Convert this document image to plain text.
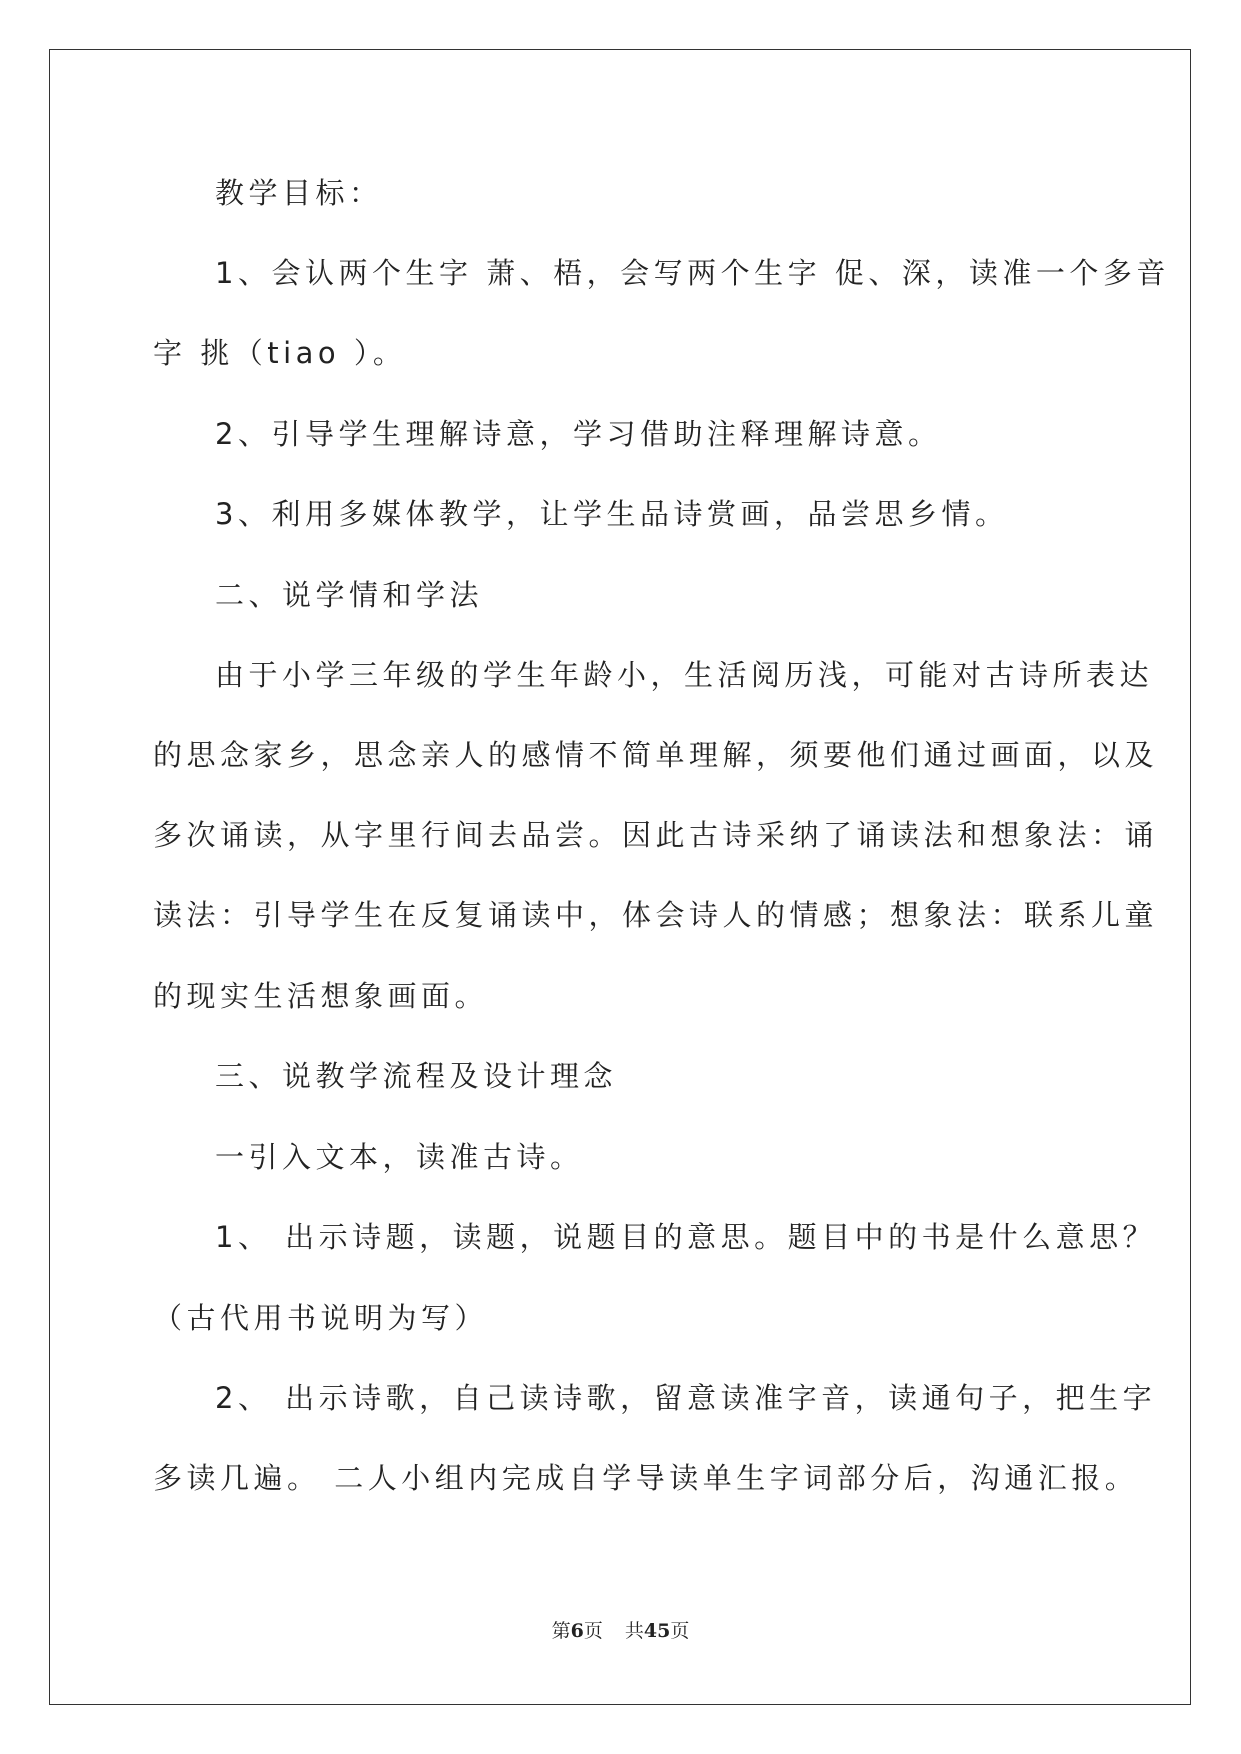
教学目标：
1、会认两个生字 萧、梧，会写两个生字 促、深，读准一个多音
字 挑（tiao ）。
2、引导学生理解诗意，学习借助注释理解诗意。
3、利用多媒体教学，让学生品诗赏画，品尝思乡情。
二、说学情和学法
由于小学三年级的学生年龄小，生活阅历浅，可能对古诗所表达
的思念家乡，思念亲人的感情不简单理解，须要他们通过画面，以及
多次诵读，从字里行间去品尝。因此古诗采纳了诵读法和想象法：诵
读法：引导学生在反复诵读中，体会诗人的情感；想象法：联系儿童
的现实生活想象画面。
三、说教学流程及设计理念
一引入文本，读准古诗。
1、 出示诗题，读题，说题目的意思。题目中的书是什么意思？
（古代用书说明为写）
2、 出示诗歌，自己读诗歌，留意读准字音，读通句子，把生字
多读几遍。 二人小组内完成自学导读单生字词部分后，沟通汇报。
第6页 共45页
